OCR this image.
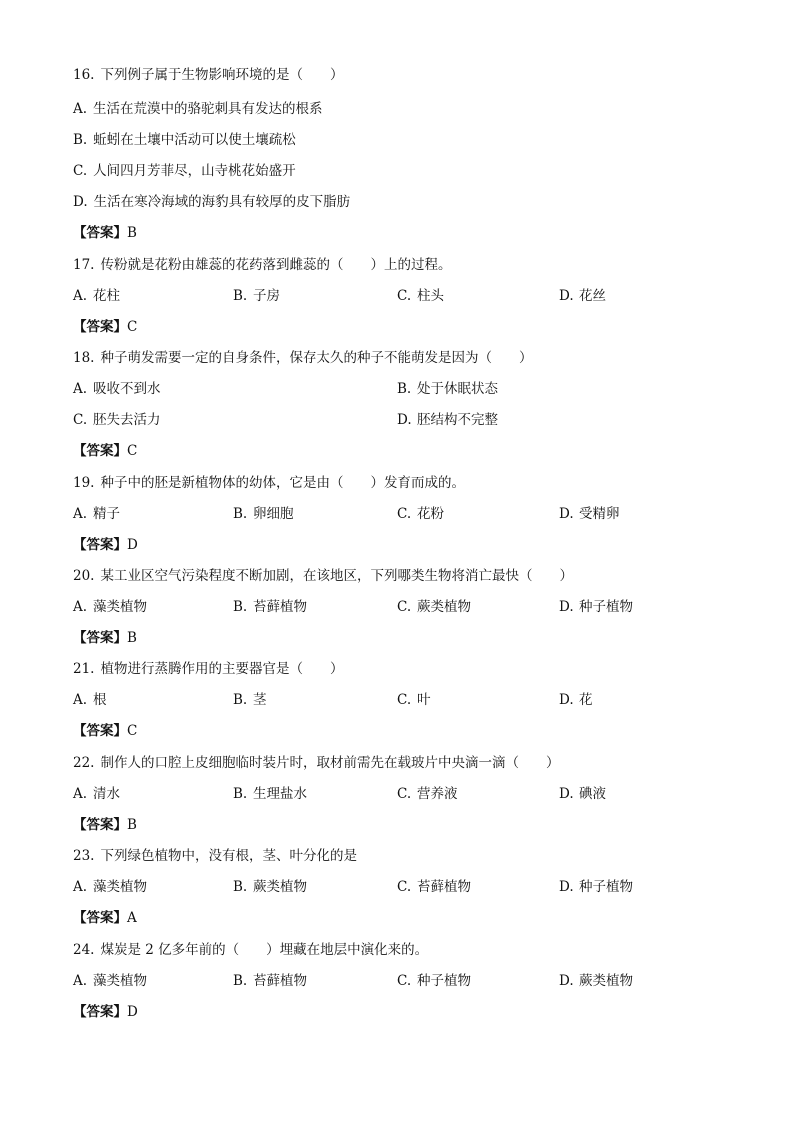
16. 下列例子属于生物影响环境的是（　　）
A. 生活在荒漠中的骆驼刺具有发达的根系
B. 蚯蚓在土壤中活动可以使土壤疏松
C. 人间四月芳菲尽，山寺桃花始盛开
D. 生活在寒冷海域的海豹具有较厚的皮下脂肪
【答案】B
17. 传粉就是花粉由雄蕊的花药落到雌蕊的（　　）上的过程。
A. 花柱	B. 子房	C. 柱头	D. 花丝
【答案】C
18. 种子萌发需要一定的自身条件，保存太久的种子不能萌发是因为（　　）
A. 吸收不到水	B. 处于休眠状态
C. 胚失去活力	D. 胚结构不完整
【答案】C
19. 种子中的胚是新植物体的幼体，它是由（　　）发育而成的。
A. 精子	B. 卵细胞	C. 花粉	D. 受精卵
【答案】D
20. 某工业区空气污染程度不断加剧，在该地区，下列哪类生物将消亡最快（　　）
A. 藻类植物	B. 苔藓植物	C. 蕨类植物	D. 种子植物
【答案】B
21. 植物进行蒸腾作用的主要器官是（　　）
A. 根	B. 茎	C. 叶	D. 花
【答案】C
22. 制作人的口腔上皮细胞临时装片时，取材前需先在载玻片中央滴一滴（　　）
A. 清水	B. 生理盐水	C. 营养液	D. 碘液
【答案】B
23. 下列绿色植物中，没有根，茎、叶分化的是
A. 藻类植物	B. 蕨类植物	C. 苔藓植物	D. 种子植物
【答案】A
24. 煤炭是 2 亿多年前的（　　）埋藏在地层中演化来的。
A. 藻类植物	B. 苔藓植物	C. 种子植物	D. 蕨类植物
【答案】D
